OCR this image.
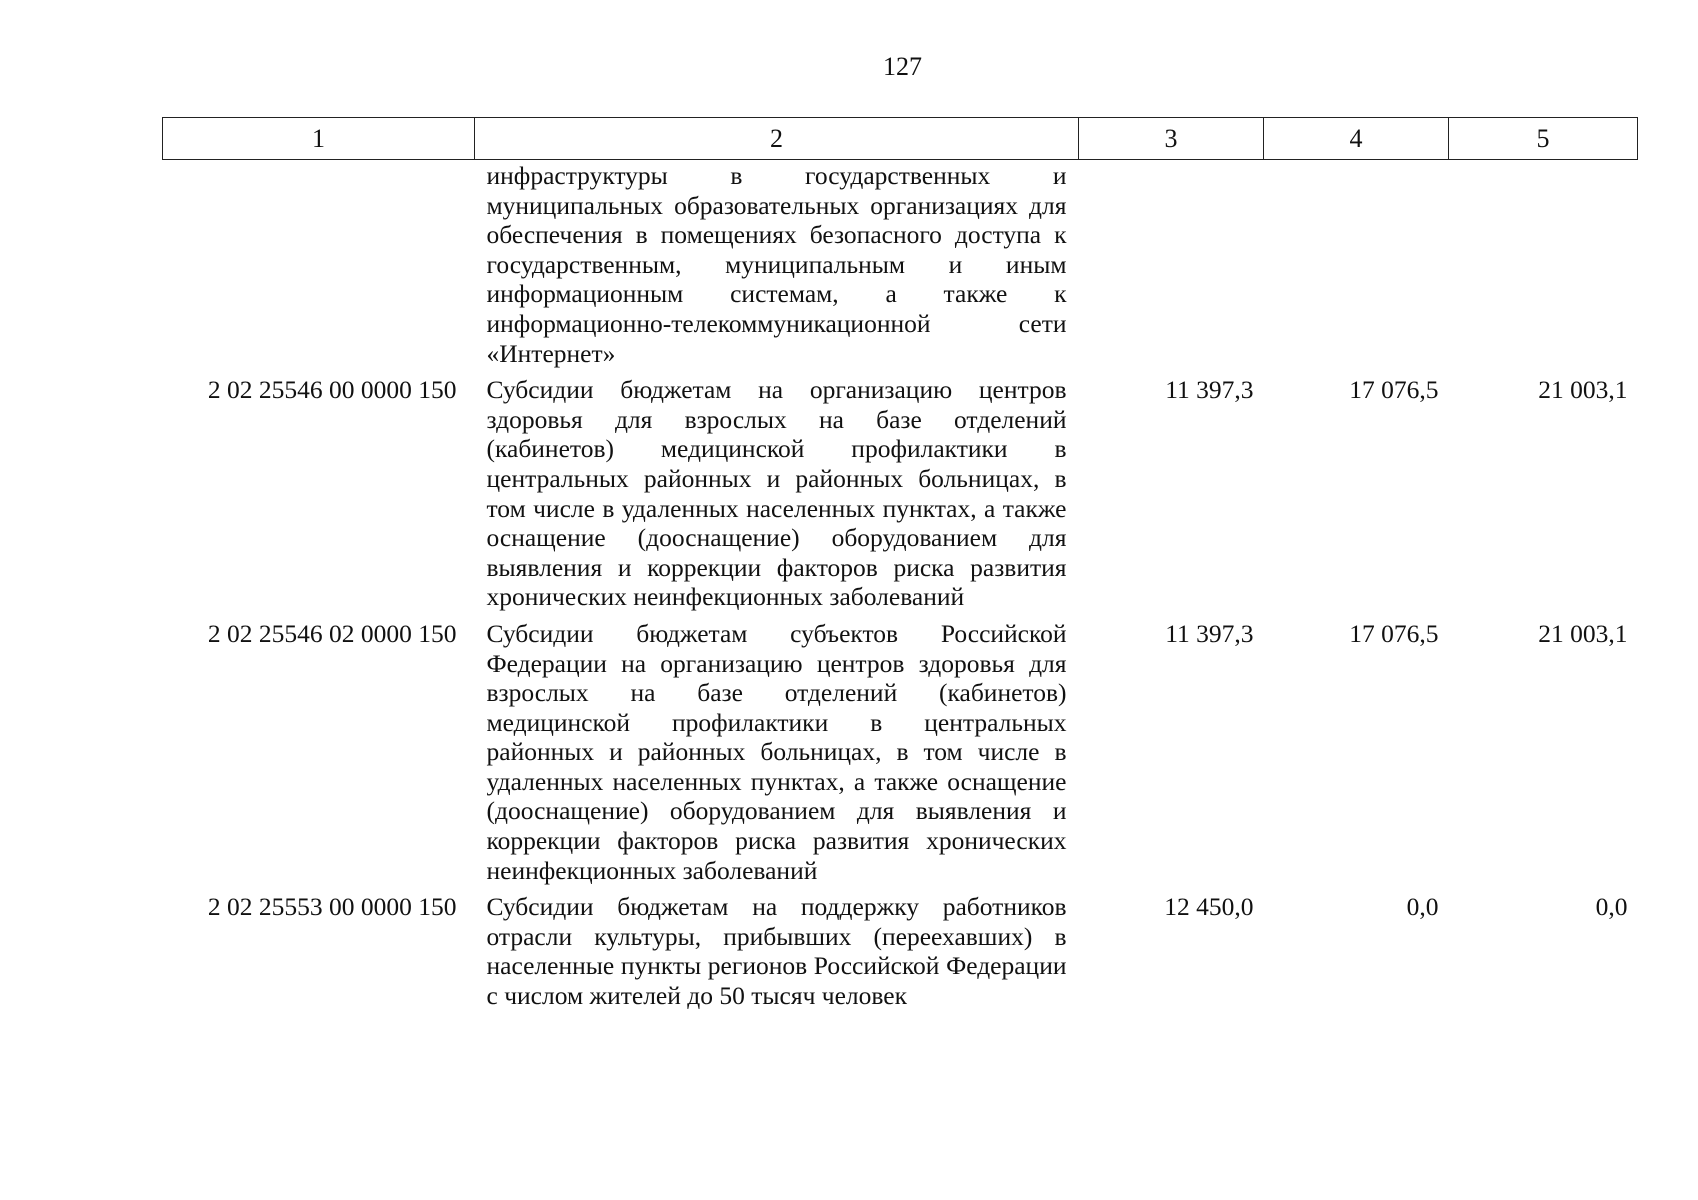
127
1	2	3	4	5
	инфраструктуры в государственных и муниципальных образовательных организациях для обеспечения в помещениях безопасного доступа к государственным, муниципальным и иным информационным системам, а также к информационно-телекоммуникационной сети «Интернет»			
2 02 25546 00 0000 150	Субсидии бюджетам на организацию центров здоровья для взрослых на базе отделений (кабинетов) медицинской профилактики в центральных районных и районных больницах, в том числе в удаленных населенных пунктах, а также оснащение (дооснащение) оборудованием для выявления и коррекции факторов риска развития хронических неинфекционных заболеваний	11 397,3	17 076,5	21 003,1
2 02 25546 02 0000 150	Субсидии бюджетам субъектов Российской Федерации на организацию центров здоровья для взрослых на базе отделений (кабинетов) медицинской профилактики в центральных районных и районных больницах, в том числе в удаленных населенных пунктах, а также оснащение (дооснащение) оборудованием для выявления и коррекции факторов риска развития хронических неинфекционных заболеваний	11 397,3	17 076,5	21 003,1
2 02 25553 00 0000 150	Субсидии бюджетам на поддержку работников отрасли культуры, прибывших (переехавших) в населенные пункты регионов Российской Федерации с числом жителей до 50 тысяч человек	12 450,0	0,0	0,0
